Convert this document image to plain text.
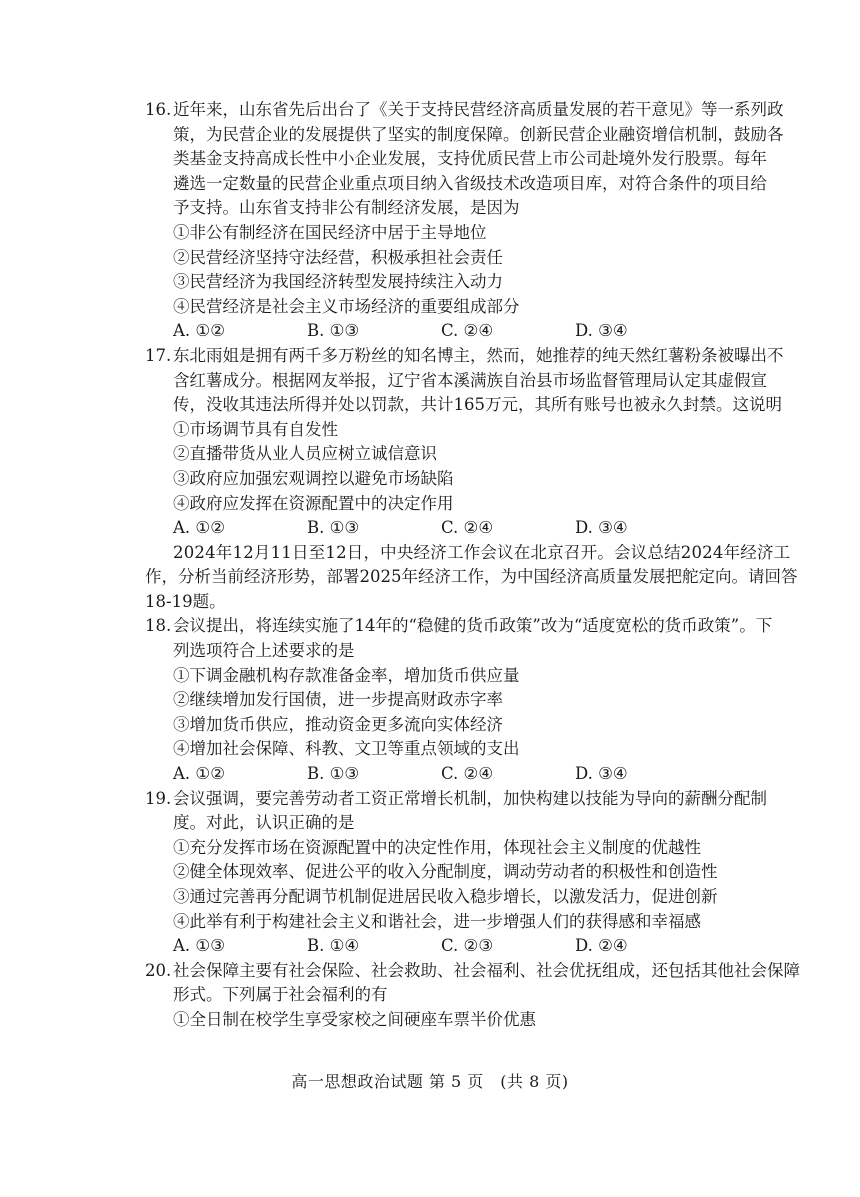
16. 近年来，山东省先后出台了《关于支持民营经济高质量发展的若干意见》等一系列政
策，为民营企业的发展提供了坚实的制度保障。创新民营企业融资增信机制，鼓励各
类基金支持高成长性中小企业发展，支持优质民营上市公司赴境外发行股票。每年
遴选一定数量的民营企业重点项目纳入省级技术改造项目库，对符合条件的项目给
予支持。山东省支持非公有制经济发展，是因为
①非公有制经济在国民经济中居于主导地位
②民营经济坚持守法经营，积极承担社会责任
③民营经济为我国经济转型发展持续注入动力
④民营经济是社会主义市场经济的重要组成部分
A. ①②	B. ①③	C. ②④	D. ③④
17. 东北雨姐是拥有两千多万粉丝的知名博主，然而，她推荐的纯天然红薯粉条被曝出不
含红薯成分。根据网友举报，辽宁省本溪满族自治县市场监督管理局认定其虚假宣
传，没收其违法所得并处以罚款，共计165万元，其所有账号也被永久封禁。这说明
①市场调节具有自发性
②直播带货从业人员应树立诚信意识
③政府应加强宏观调控以避免市场缺陷
④政府应发挥在资源配置中的决定作用
A. ①②	B. ①③	C. ②④	D. ③④
2024年12月11日至12日，中央经济工作会议在北京召开。会议总结2024年经济工
作，分析当前经济形势，部署2025年经济工作，为中国经济高质量发展把舵定向。请回答
18-19题。
18. 会议提出，将连续实施了14年的“稳健的货币政策”改为“适度宽松的货币政策”。下
列选项符合上述要求的是
①下调金融机构存款准备金率，增加货币供应量
②继续增加发行国债，进一步提高财政赤字率
③增加货币供应，推动资金更多流向实体经济
④增加社会保障、科教、文卫等重点领域的支出
A. ①②	B. ①③	C. ②④	D. ③④
19. 会议强调，要完善劳动者工资正常增长机制，加快构建以技能为导向的薪酬分配制
度。对此，认识正确的是
①充分发挥市场在资源配置中的决定性作用，体现社会主义制度的优越性
②健全体现效率、促进公平的收入分配制度，调动劳动者的积极性和创造性
③通过完善再分配调节机制促进居民收入稳步增长，以激发活力，促进创新
④此举有利于构建社会主义和谐社会，进一步增强人们的获得感和幸福感
A. ①③	B. ①④	C. ②③	D. ②④
20. 社会保障主要有社会保险、社会救助、社会福利、社会优抚组成，还包括其他社会保障
形式。下列属于社会福利的有
①全日制在校学生享受家校之间硬座车票半价优惠
高一思想政治试题 第 5 页　(共 8 页)
